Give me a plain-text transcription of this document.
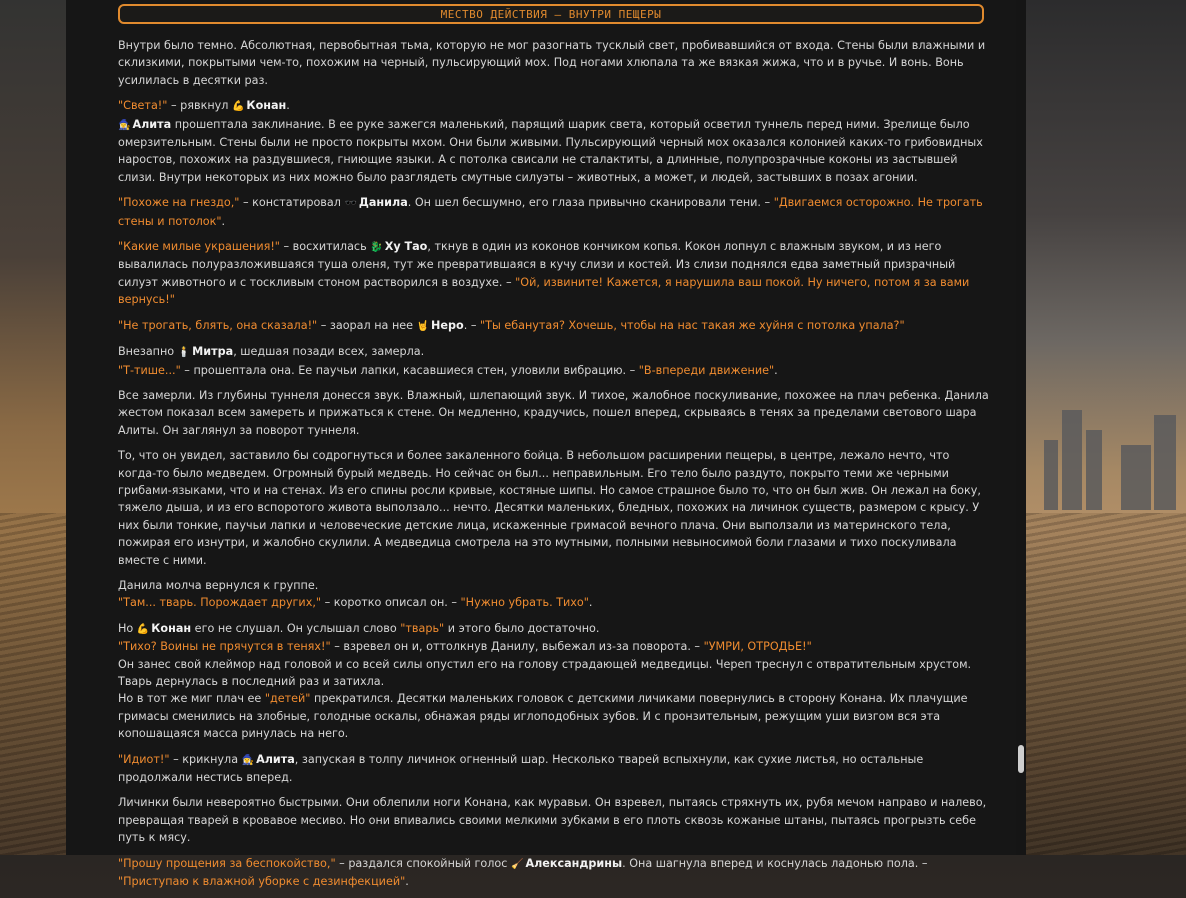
МЕСТВО ДЕЙСТВИЯ – ВНУТРИ ПЕЩЕРЫ

Внутри было темно. Абсолютная, первобытная тьма, которую не мог разогнать тусклый свет, пробивавшийся от входа. Стены были влажными и склизкими, покрытыми чем-то, похожим на черный, пульсирующий мох. Под ногами хлюпала та же вязкая жижа, что и в ручье. И вонь. Вонь усилилась в десятки раз.

"Света!" – рявкнул 💪 Конан.
🧙‍♀️ Алита прошептала заклинание. В ее руке зажегся маленький, парящий шарик света, который осветил туннель перед ними. Зрелище было омерзительным. Стены были не просто покрыты мхом. Они были живыми. Пульсирующий черный мох оказался колонией каких-то грибовидных наростов, похожих на раздувшиеся, гниющие языки. А с потолка свисали не сталактиты, а длинные, полупрозрачные коконы из застывшей слизи. Внутри некоторых из них можно было разглядеть смутные силуэты – животных, а может, и людей, застывших в позах агонии.

"Похоже на гнездо," – констатировал 🕶️ Данила. Он шел бесшумно, его глаза привычно сканировали тени. – "Двигаемся осторожно. Не трогать стены и потолок".

"Какие милые украшения!" – восхитилась 🐉 Ху Тао, ткнув в один из коконов кончиком копья. Кокон лопнул с влажным звуком, и из него вывалилась полуразложившаяся туша оленя, тут же превратившаяся в кучу слизи и костей. Из слизи поднялся едва заметный призрачный силуэт животного и с тоскливым стоном растворился в воздухе. – "Ой, извините! Кажется, я нарушила ваш покой. Ну ничего, потом я за вами вернусь!"

"Не трогать, блять, она сказала!" – заорал на нее 🤘 Неро. – "Ты ебанутая? Хочешь, чтобы на нас такая же хуйня с потолка упала?"

Внезапно 🕯️ Митра, шедшая позади всех, замерла.
"Т-тише..." – прошептала она. Ее паучьи лапки, касавшиеся стен, уловили вибрацию. – "В-впереди движение".

Все замерли. Из глубины туннеля донесся звук. Влажный, шлепающий звук. И тихое, жалобное поскуливание, похожее на плач ребенка. Данила жестом показал всем замереть и прижаться к стене. Он медленно, крадучись, пошел вперед, скрываясь в тенях за пределами светового шара Алиты. Он заглянул за поворот туннеля.

То, что он увидел, заставило бы содрогнуться и более закаленного бойца. В небольшом расширении пещеры, в центре, лежало нечто, что когда-то было медведем. Огромный бурый медведь. Но сейчас он был... неправильным. Его тело было раздуто, покрыто теми же черными грибами-языками, что и на стенах. Из его спины росли кривые, костяные шипы. Но самое страшное было то, что он был жив. Он лежал на боку, тяжело дыша, и из его вспоротого живота выползало... нечто. Десятки маленьких, бледных, похожих на личинок существ, размером с крысу. У них были тонкие, паучьи лапки и человеческие детские лица, искаженные гримасой вечного плача. Они выползали из материнского тела, пожирая его изнутри, и жалобно скулили. А медведица смотрела на это мутными, полными невыносимой боли глазами и тихо поскуливала вместе с ними.

Данила молча вернулся к группе.
"Там... тварь. Порождает других," – коротко описал он. – "Нужно убрать. Тихо".

Но 💪 Конан его не слушал. Он услышал слово "тварь" и этого было достаточно.
"Тихо? Воины не прячутся в тенях!" – взревел он и, оттолкнув Данилу, выбежал из-за поворота. – "УМРИ, ОТРОДЬЕ!"
Он занес свой клеймор над головой и со всей силы опустил его на голову страдающей медведицы. Череп треснул с отвратительным хрустом. Тварь дернулась в последний раз и затихла.
Но в тот же миг плач ее "детей" прекратился. Десятки маленьких головок с детскими личиками повернулись в сторону Конана. Их плачущие гримасы сменились на злобные, голодные оскалы, обнажая ряды иглоподобных зубов. И с пронзительным, режущим уши визгом вся эта копошащаяся масса ринулась на него.

"Идиот!" – крикнула 🧙‍♀️ Алита, запуская в толпу личинок огненный шар. Несколько тварей вспыхнули, как сухие листья, но остальные продолжали нестись вперед.

Личинки были невероятно быстрыми. Они облепили ноги Конана, как муравьи. Он взревел, пытаясь стряхнуть их, рубя мечом направо и налево, превращая тварей в кровавое месиво. Но они впивались своими мелкими зубками в его плоть сквозь кожаные штаны, пытаясь прогрызть себе путь к мясу.

"Прошу прощения за беспокойство," – раздался спокойный голос 🧹 Александрины. Она шагнула вперед и коснулась ладонью пола. – "Приступаю к влажной уборке с дезинфекцией".
